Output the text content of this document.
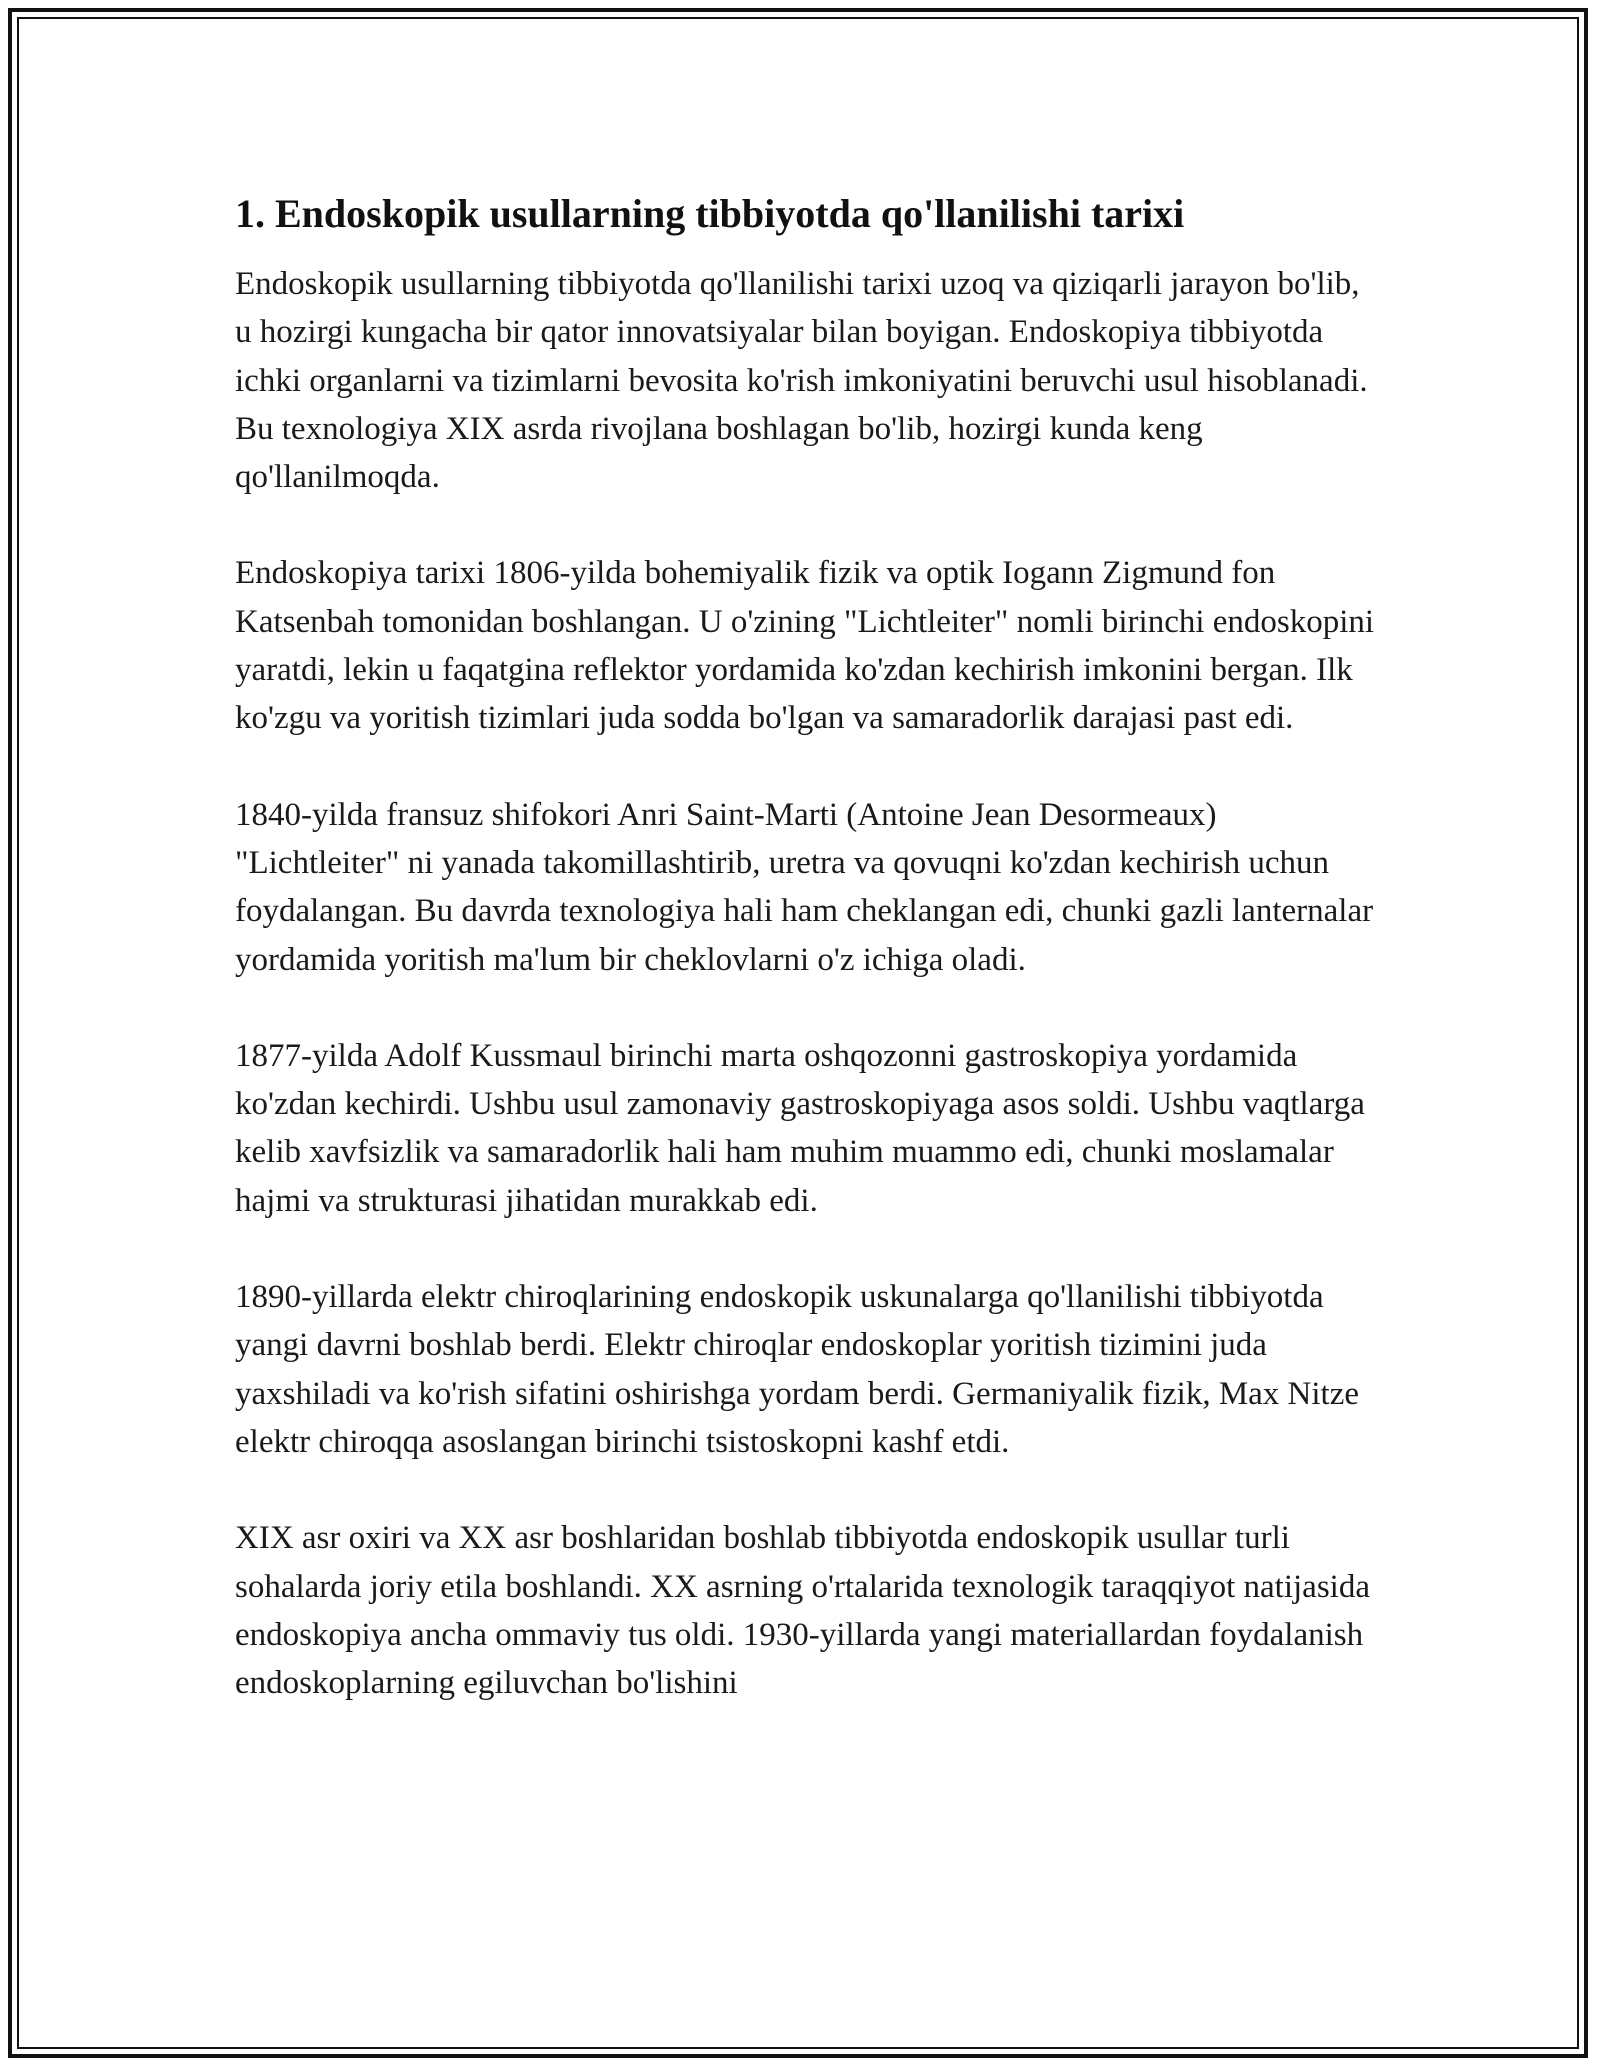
1. Endoskopik usullarning tibbiyotda qo'llanilishi tarixi

Endoskopik usullarning tibbiyotda qo'llanilishi tarixi uzoq va qiziqarli jarayon bo'lib, u hozirgi kungacha bir qator innovatsiyalar bilan boyigan. Endoskopiya tibbiyotda ichki organlarni va tizimlarni bevosita ko'rish imkoniyatini beruvchi usul hisoblanadi. Bu texnologiya XIX asrda rivojlana boshlagan bo'lib, hozirgi kunda keng qo'llanilmoqda.

Endoskopiya tarixi 1806-yilda bohemiyalik fizik va optik Iogann Zigmund fon Katsenbah tomonidan boshlangan. U o'zining "Lichtleiter" nomli birinchi endoskopini yaratdi, lekin u faqatgina reflektor yordamida ko'zdan kechirish imkonini bergan. Ilk ko'zgu va yoritish tizimlari juda sodda bo'lgan va samaradorlik darajasi past edi.

1840-yilda fransuz shifokori Anri Saint-Marti (Antoine Jean Desormeaux) "Lichtleiter" ni yanada takomillashtirib, uretra va qovuqni ko'zdan kechirish uchun foydalangan. Bu davrda texnologiya hali ham cheklangan edi, chunki gazli lanternalar yordamida yoritish ma'lum bir cheklovlarni o'z ichiga oladi.

1877-yilda Adolf Kussmaul birinchi marta oshqozonni gastroskopiya yordamida ko'zdan kechirdi. Ushbu usul zamonaviy gastroskopiyaga asos soldi. Ushbu vaqtlarga kelib xavfsizlik va samaradorlik hali ham muhim muammo edi, chunki moslamalar hajmi va strukturasi jihatidan murakkab edi.

1890-yillarda elektr chiroqlarining endoskopik uskunalarga qo'llanilishi tibbiyotda yangi davrni boshlab berdi. Elektr chiroqlar endoskoplar yoritish tizimini juda yaxshiladi va ko'rish sifatini oshirishga yordam berdi. Germaniyalik fizik, Max Nitze elektr chiroqqa asoslangan birinchi tsistoskopni kashf etdi.

XIX asr oxiri va XX asr boshlaridan boshlab tibbiyotda endoskopik usullar turli sohalarda joriy etila boshlandi. XX asrning o'rtalarida texnologik taraqqiyot natijasida endoskopiya ancha ommaviy tus oldi. 1930-yillarda yangi materiallardan foydalanish endoskoplarning egiluvchan bo'lishini
